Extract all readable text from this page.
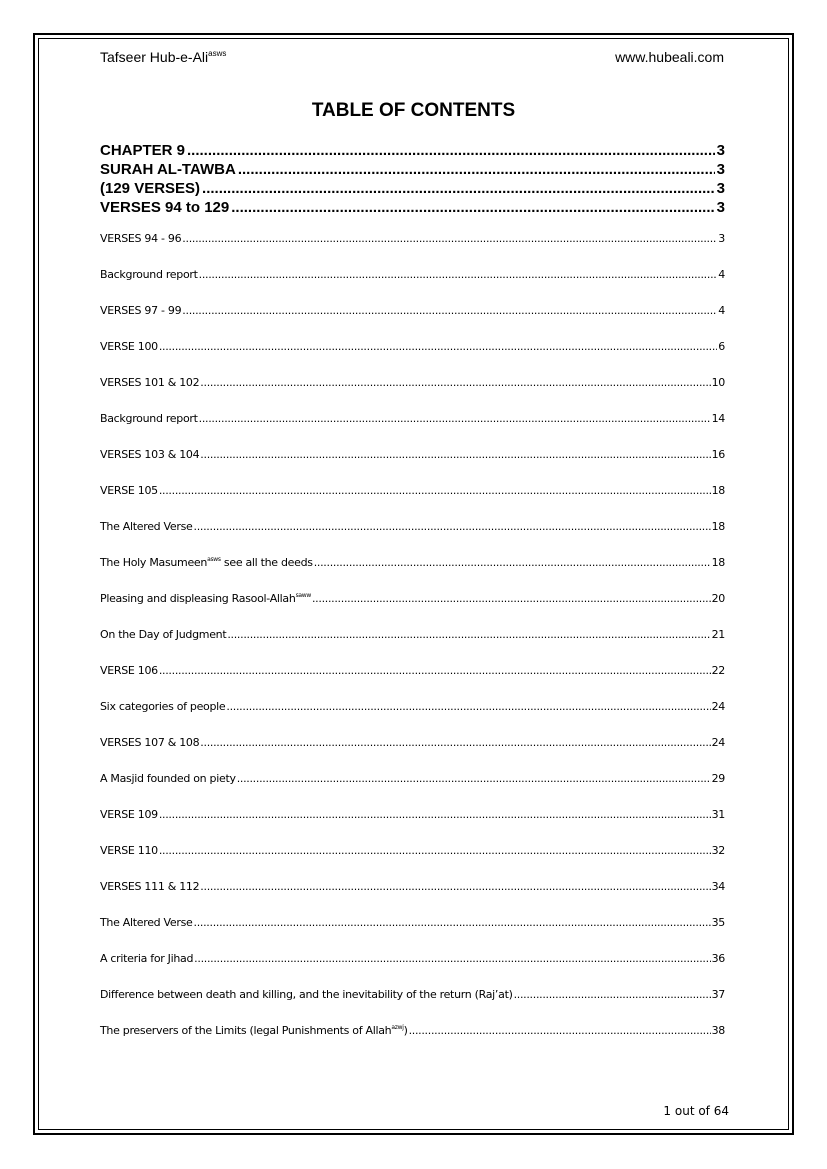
Tafseer Hub-e-Ali$^{asws}$	www.hubeali.com
TABLE OF CONTENTS
CHAPTER 9 .....	3
SURAH AL-TAWBA .....	3
(129 VERSES) .....	3
VERSES 94 to 129 .....	3
VERSES 94 - 96 .....	3
Background report .....	4
VERSES 97 - 99 .....	4
VERSE 100 .....	6
VERSES 101 & 102 .....	10
Background report .....	14
VERSES 103 & 104 .....	16
VERSE 105 .....	18
The Altered Verse .....	18
The Holy Masumeen$^{asws}$ see all the deeds .....	18
Pleasing and displeasing Rasool-Allah$^{saww}$ .....	20
On the Day of Judgment .....	21
VERSE 106 .....	22
Six categories of people .....	24
VERSES 107 & 108 .....	24
A Masjid founded on piety .....	29
VERSE 109 .....	31
VERSE 110 .....	32
VERSES 111 & 112 .....	34
The Altered Verse .....	35
A criteria for Jihad .....	36
Difference between death and killing, and the inevitability of the return (Raj’at) .....	37
The preservers of the Limits (legal Punishments of Allah$^{azwj}$) .....	38
1 out of 64
